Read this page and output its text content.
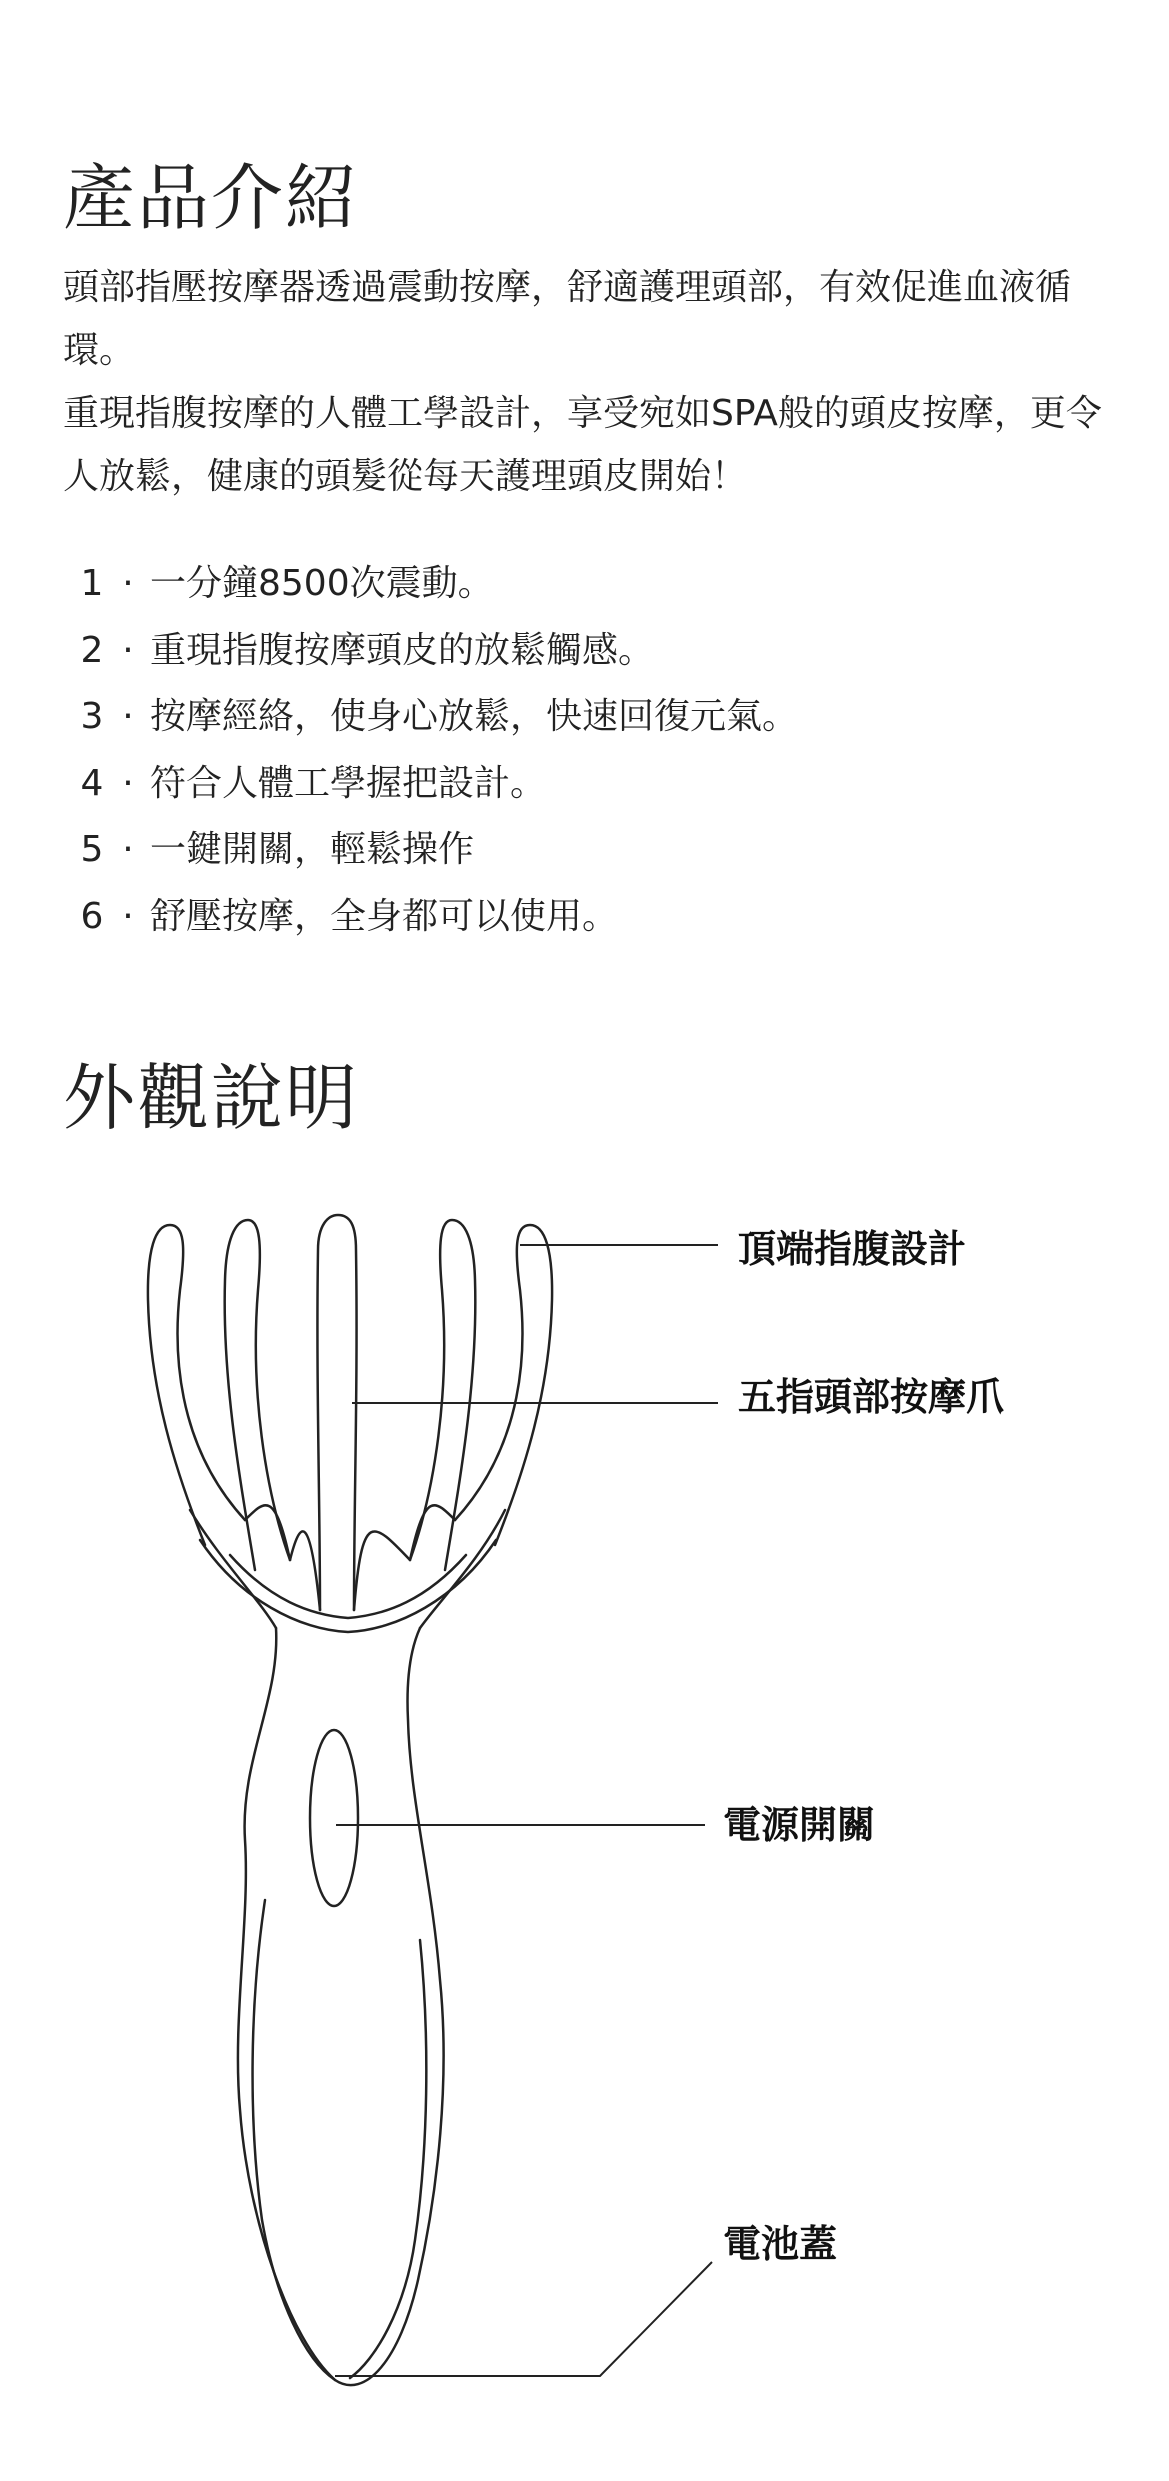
產品介紹

頭部指壓按摩器透過震動按摩，舒適護理頭部，有效促進血液循環。

重現指腹按摩的人體工學設計，享受宛如SPA般的頭皮按摩，更令人放鬆，健康的頭髮從每天護理頭皮開始！

1 · 一分鐘8500次震動。
2 · 重現指腹按摩頭皮的放鬆觸感。
3 · 按摩經絡，使身心放鬆，快速回復元氣。
4 · 符合人體工學握把設計。
5 · 一鍵開關，輕鬆操作
6 · 舒壓按摩，全身都可以使用。
外觀說明

頂端指腹設計

五指頭部按摩爪

電源開關

電池蓋
